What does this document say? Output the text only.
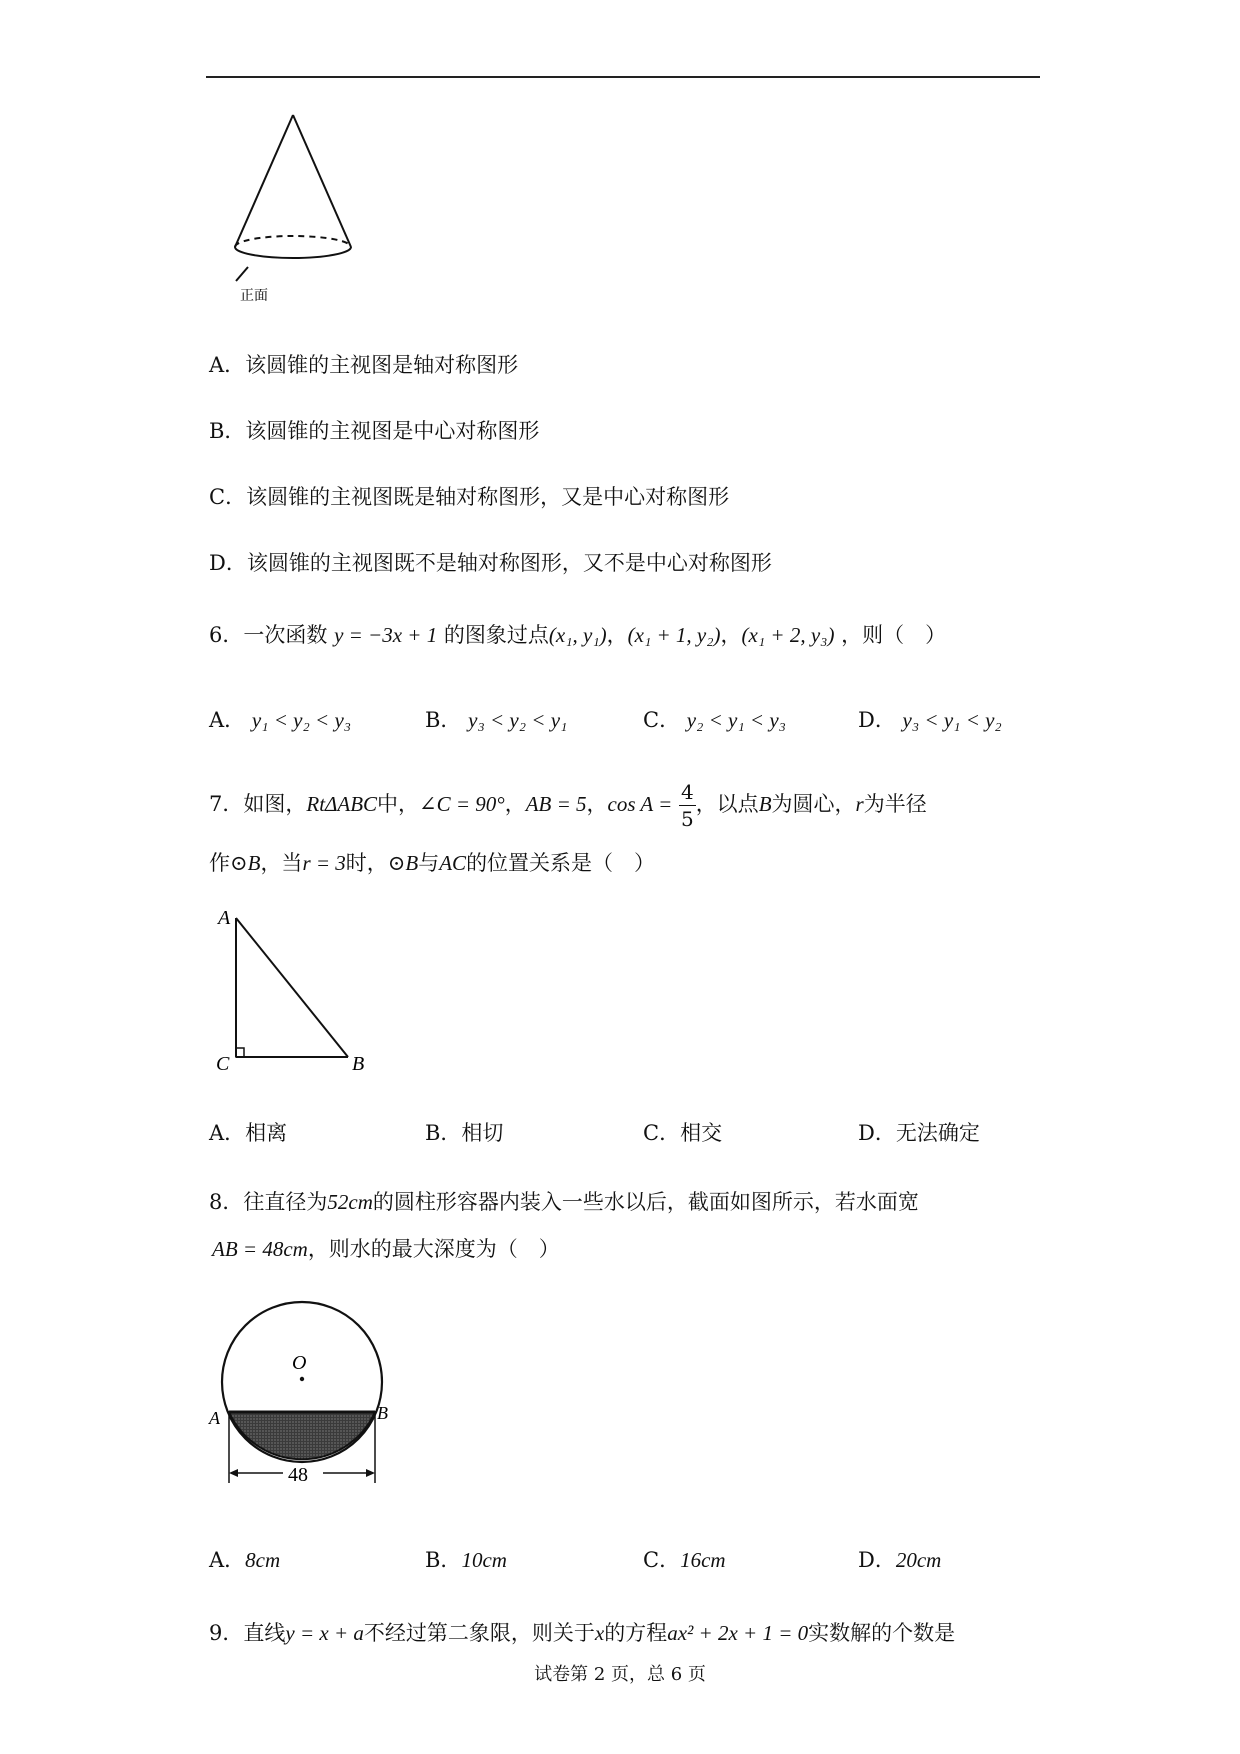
正面
A．该圆锥的主视图是轴对称图形
B．该圆锥的主视图是中心对称图形
C．该圆锥的主视图既是轴对称图形，又是中心对称图形
D．该圆锥的主视图既不是轴对称图形，又不是中心对称图形
6．一次函数 y = −3x + 1 的图象过点(x₁, y₁)，(x₁ + 1, y₂)，(x₁ + 2, y₃) ，则（　）
A． y₁ < y₂ < y₃	B． y₃ < y₂ < y₁	C． y₂ < y₁ < y₃	D． y₃ < y₁ < y₂
7．如图，RtΔABC中，∠C = 90°，AB = 5，$\cos A = \frac{4}{5}$ ，以点B为圆心，r为半径
作⊙B，当r = 3时，⊙B与AC的位置关系是（　）
A
C	B
A．相离	B．相切	C．相交	D．无法确定
8．往直径为52cm的圆柱形容器内装入一些水以后，截面如图所示，若水面宽
AB = 48cm，则水的最大深度为（　）
O
A	B
48
A．8cm	B．10cm	C．16cm	D．20cm
9．直线y = x + a不经过第二象限，则关于x的方程ax² + 2x + 1 = 0实数解的个数是
试卷第 2 页，总 6 页
